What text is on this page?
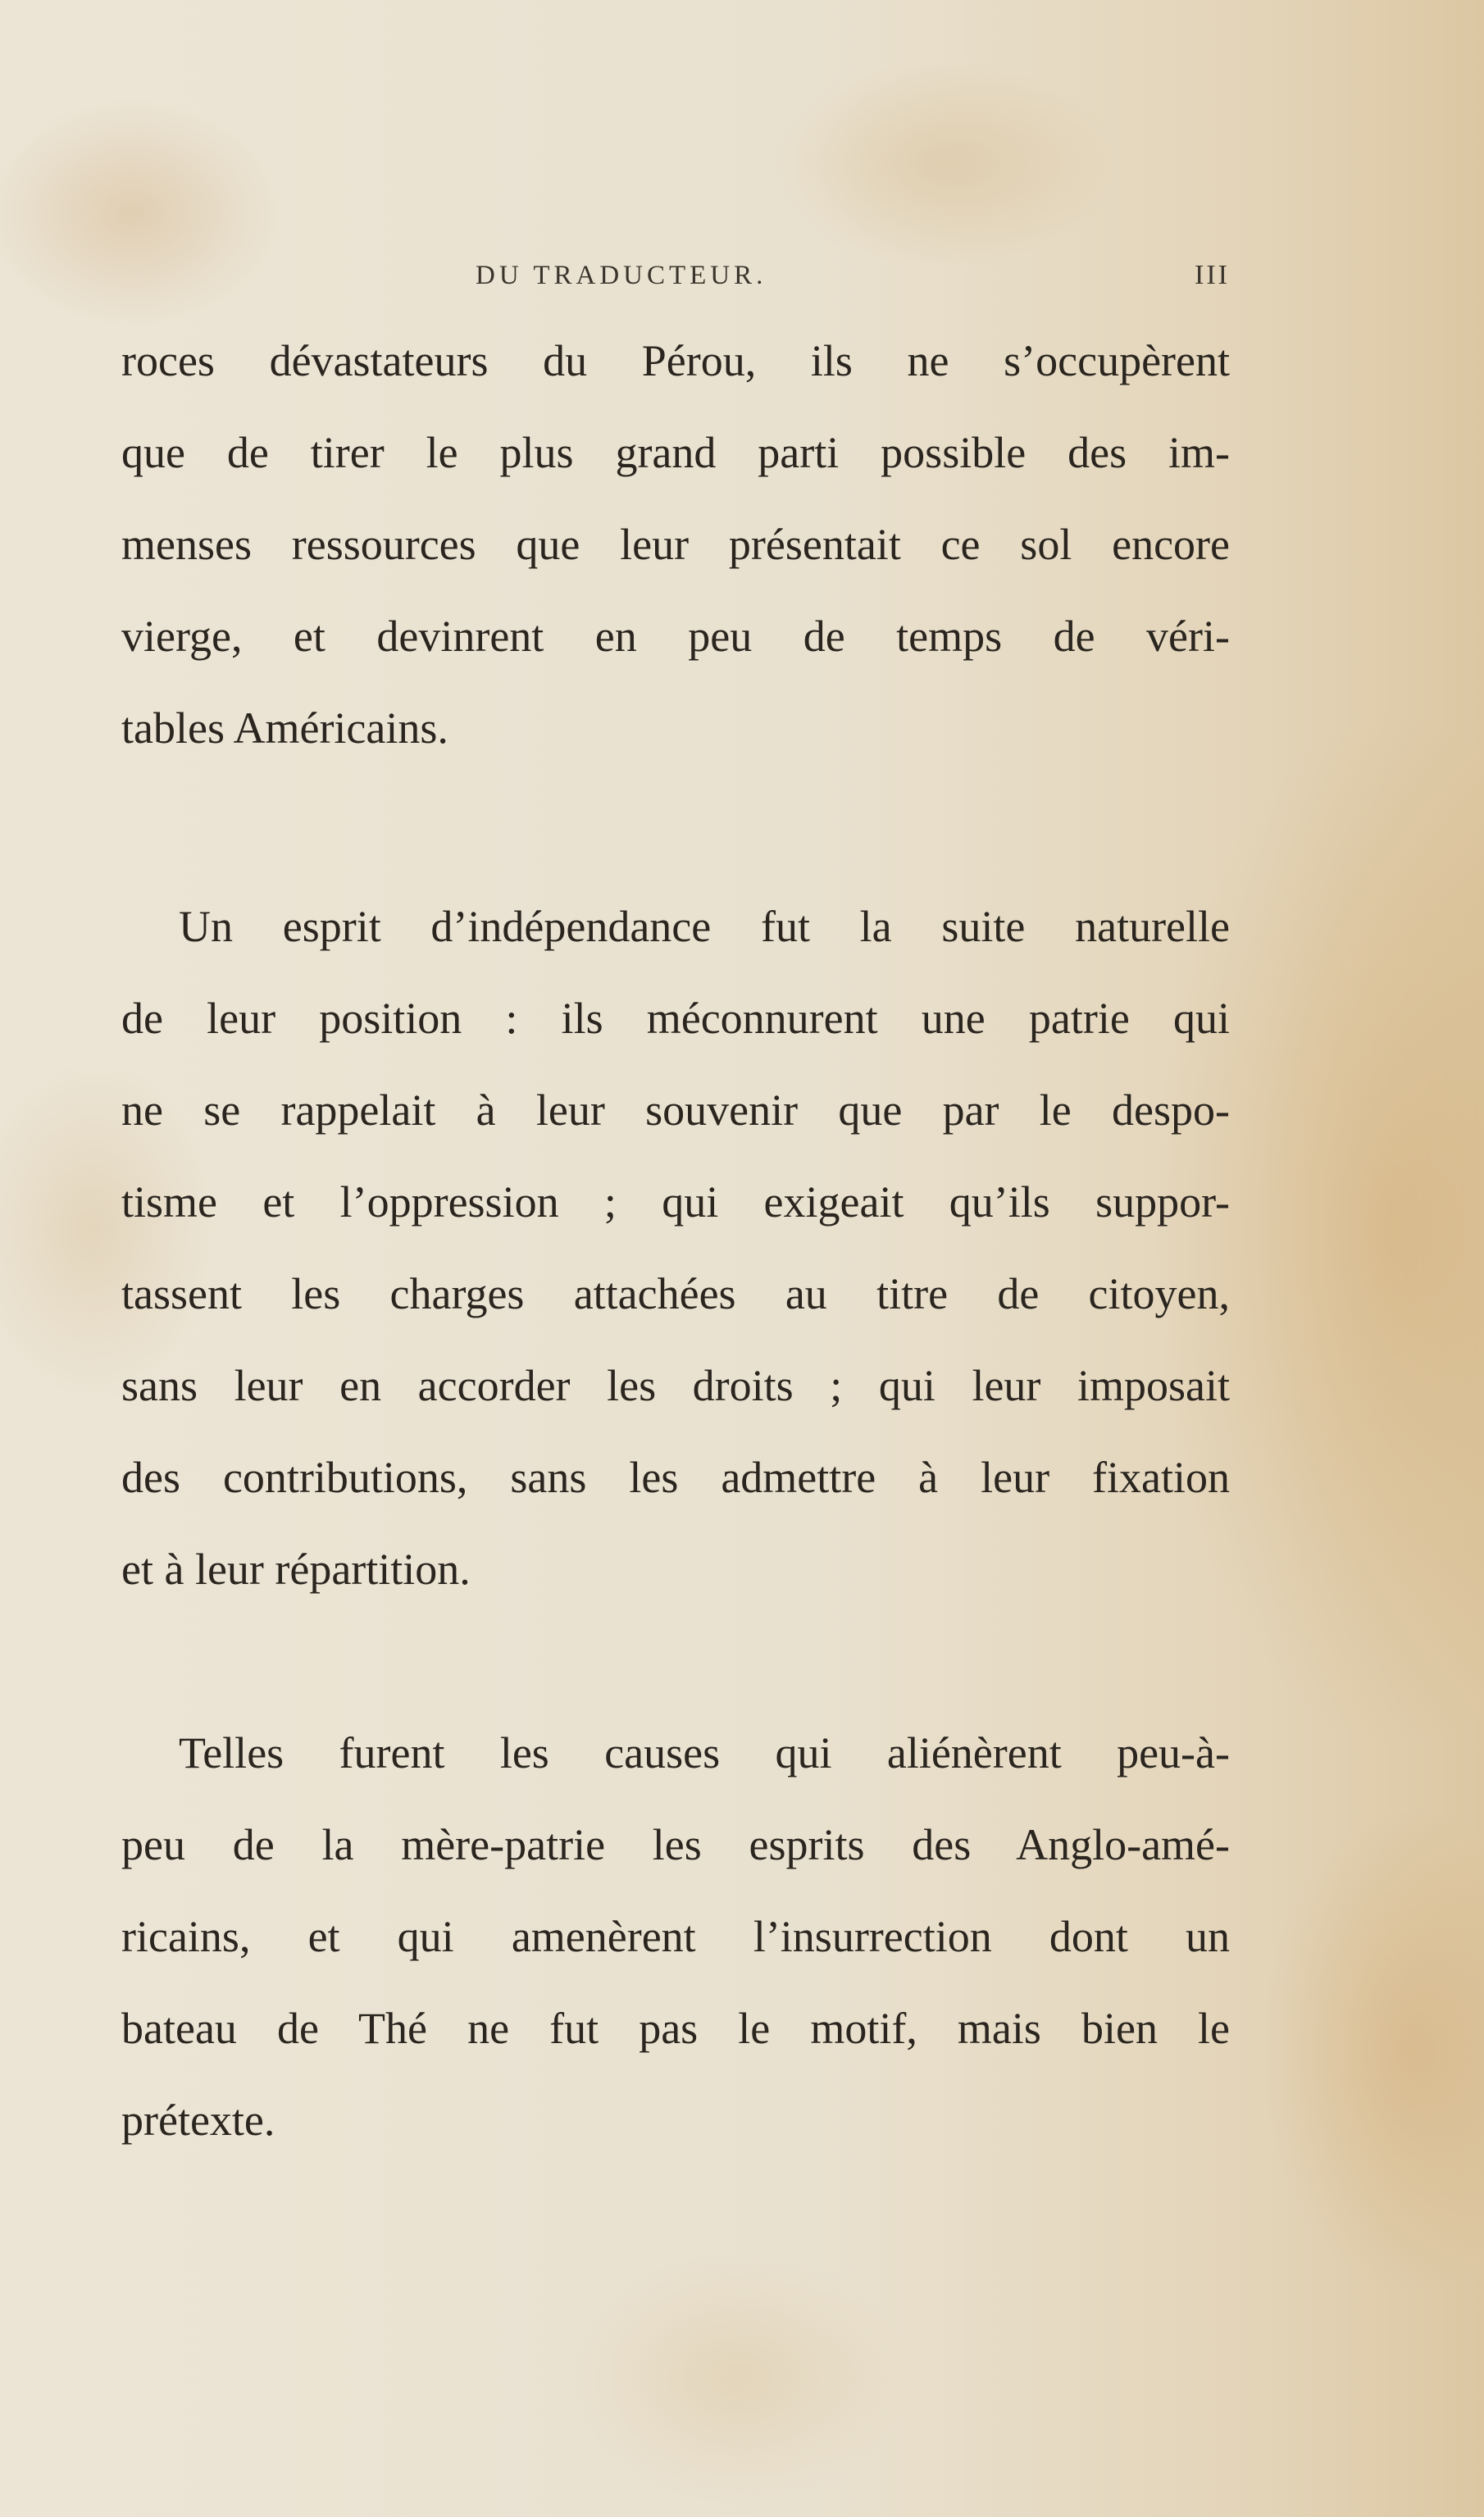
DU TRADUCTEUR.	III
roces dévastateurs du Pérou, ils ne s’occupèrent
que de tirer le plus grand parti possible des im-
menses ressources que leur présentait ce sol encore
vierge, et devinrent en peu de temps de véri-
tables Américains.
Un esprit d’indépendance fut la suite naturelle
de leur position : ils méconnurent une patrie qui
ne se rappelait à leur souvenir que par le despo-
tisme et l’oppression ; qui exigeait qu’ils suppor-
tassent les charges attachées au titre de citoyen,
sans leur en accorder les droits ; qui leur imposait
des contributions, sans les admettre à leur fixation
et à leur répartition.
Telles furent les causes qui aliénèrent peu-à-
peu de la mère-patrie les esprits des Anglo-amé-
ricains, et qui amenèrent l’insurrection dont un
bateau de Thé ne fut pas le motif, mais bien le
prétexte.
